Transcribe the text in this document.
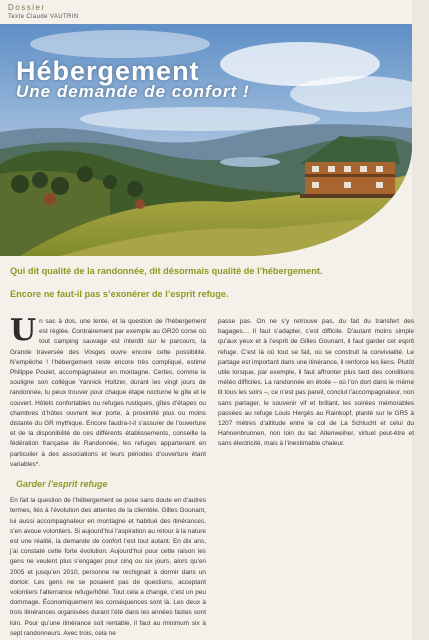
Dossier
Texte Claude VAUTRIN
Hébergement
Une demande de confort !

Qui dit qualité de la randonnée, dit désormais qualité de l’hébergement.

Encore ne faut-il pas s’exonérer de l’esprit refuge.

U n sac à dos, une tente, et la question de l’hébergement est réglée. Contrairement par exemple au GR20 corse où tout camping sauvage est interdit sur le parcours, la Grande traversée des Vosges ouvre encore cette possibilité. N’empêche ! l’hébergement reste encore très compliqué, estime Philippe Poulet, accompagnateur en montagne. Certes, comme le souligne son collègue Yannick Holtzer, durant les vingt jours de randonnée, tu peux trouver pour chaque étape nocturne le gîte et le couvert. Hôtels confortables ou refuges rustiques, gîtes d’étapes ou chambres d’hôtes ouvrent leur porte, à proximité plus ou moins distante du GR mythique. Encore faudra-t-il s’assurer de l’ouverture et de la disponibilité de ces différents établissements, conseille la fédération française de Randonnée, les refuges appartenant en particulier à des associations et leurs périodes d’ouverture étant variables*.

Garder l’esprit refuge

En fait la question de l’hébergement se pose sans doute en d’autres termes, liés à l’évolution des attentes de la clientèle. Gilles Gounant, lui aussi accompagnateur en montagne et habitué des itinérances, s’en avoue volontiers. Si aujourd’hui l’aspiration au retour à la nature est une réalité, la demande de confort l’est tout autant. En dix ans, j’ai constaté cette forte évolution. Aujourd’hui pour cette raison les gens ne veulent plus s’engager pour cinq ou six jours, alors qu’en 2005 et jusqu’en 2010, personne ne rechignait à dormir dans un dortoir. Les gens ne se posaient pas de questions, acceptant volontiers l’alternance refuge/hôtel. Tout cela a changé, c’est un peu dommage. Économiquement les conséquences sont là. Les deux à trois itinérances organisées durant l’été dans les années fastes sont loin. Pour qu’une itinérance soit rentable, il faut au minimum six à sept randonneurs. Avec trois, cela ne

passe pas. On ne s’y retrouve pas, du fait du transfert des bagages… Il faut s’adapter, c’est difficile. D’autant moins simple qu’aux yeux et à l’esprit de Gilles Gounant, il faut garder cet esprit refuge. C’est là où tout se fait, où se construit la convivialité. Le partage est important dans une itinérance, il renforce les liens. Plutôt utile lorsque, par exemple, il faut affronter plus tard des conditions météo difficiles. La randonnée en étoile – où l’on dort dans le même lit tous les soirs –, ce n’est pas pareil, conclut l’accompagnateur, non sans partager, le souvenir vif et brillant, les soirées mémorables passées au refuge Louis Hergès au Rainkopf, planté sur le GR5 à 1207 mètres d’altitude entre le col de La Schlucht et celui du Hahnenbrunnen, non loin du lac Altenweiher, virtuel peut-être et sans électricité, mais à l’inestimable chaleur.
